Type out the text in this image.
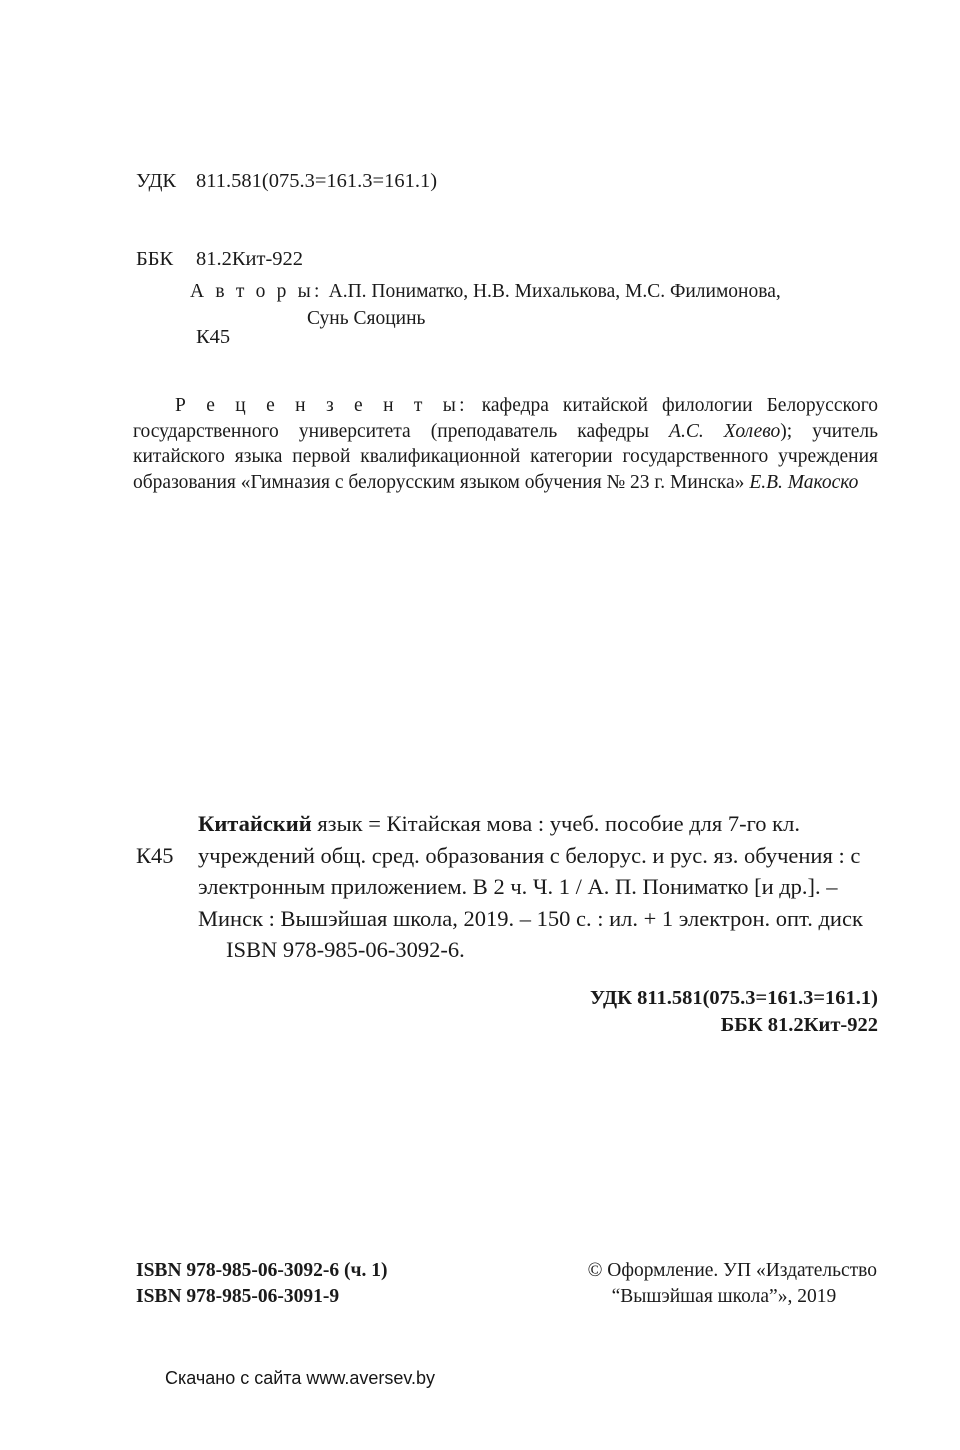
УДК 811.581(075.3=161.3=161.1)

ББК 81.2Кит-922

К45

А в т о р ы: А.П. Пониматко, Н.В. Михалькова, М.С. Филимонова,
Сунь Сяоцинь
Р е ц е н з е н т ы: кафедра китайской филологии Белорусского государственного университета (преподаватель кафедры А.С. Холево); учитель китайского языка первой квалификационной категории государственного учреждения образования «Гимназия с белорусским языком обучения № 23 г. Минска» Е.В. Макоско
К45
Китайский язык = Кітайская мова : учеб. пособие для 7-го кл. учреждений общ. сред. образования с белорус. и рус. яз. обучения : с электронным приложением. В 2 ч. Ч. 1 / А. П. Пониматко [и др.]. – Минск : Вышэйшая школа, 2019. – 150 с. : ил. + 1 электрон. опт. диск
ISBN 978-985-06-3092-6.
УДК 811.581(075.3=161.3=161.1)
ББК 81.2Кит-922
ISBN 978-985-06-3092-6 (ч. 1)
ISBN 978-985-06-3091-9
© Оформление. УП «Издательство
“Вышэйшая школа”», 2019
Скачано с сайта www.aversev.by
